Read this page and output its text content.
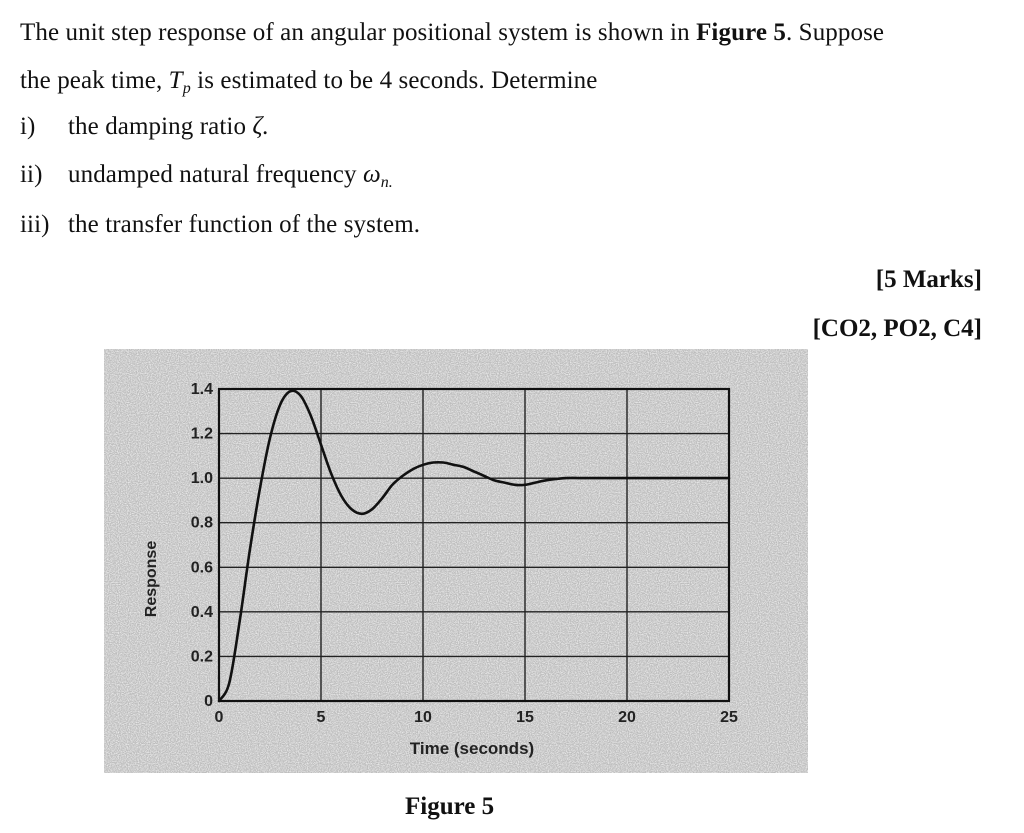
The unit step response of an angular positional system is shown in Figure 5. Suppose

the peak time, $T_p$ is estimated to be 4 seconds. Determine

i) the damping ratio ζ.

ii) undamped natural frequency $\omega_{n.}$

iii) the transfer function of the system.

[5 Marks]
[CO2, PO2, C4]
0
0.2
0.4
0.6
0.8
1.0
1.2
1.4
0	5	10	15	20	25
Time (seconds)
Response
Figure 5
